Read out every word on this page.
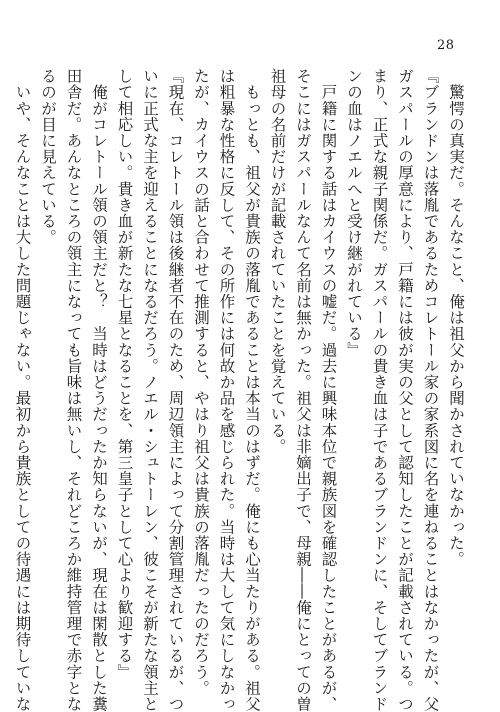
28
　驚愕の真実だ。そんなこと、俺は祖父から聞かされていなかった。
『ブランドンは落胤であるためコレトール家の家系図に名を連ねることはなかったが、父
ガスパールの厚意により、戸籍には彼が実の父として認知したことが記載されている。つ
まり、正式な親子関係だ。ガスパールの貴き血は子であるブランドンに、そしてブランド
ンの血はノエルへと受け継がれている』
　戸籍に関する話はカイウスの嘘だ。過去に興味本位で親族図を確認したことがあるが、
そこにはガスパールなんて名前は無かった。祖父は非嫡出子で、母親――俺にとっての曽
祖母の名前だけが記載されていたことを覚えている。
　もっとも、祖父が貴族の落胤であることは本当のはずだ。俺にも心当たりがある。祖父
は粗暴な性格に反して、その所作には何故か品を感じられた。当時は大して気にしなかっ
たが、カイウスの話と合わせて推測すると、やはり祖父は貴族の落胤だったのだろう。
『現在、コレトール領は後継者不在のため、周辺領主によって分割管理されているが、つ
いに正式な主を迎えることになるだろう。ノエル・シュトーレン、彼こそが新たな領主と
して相応しい。貴き血が新たな七星となることを、第三皇子として心より歓迎する』
　俺がコレトール領の領主だと？　当時はどうだったか知らないが、現在は閑散とした糞
田舎だ。あんなところの領主になっても旨味は無いし、それどころか維持管理で赤字とな
るのが目に見えている。
　いや、そんなことは大した問題じゃない。最初から貴族としての待遇には期待していな
